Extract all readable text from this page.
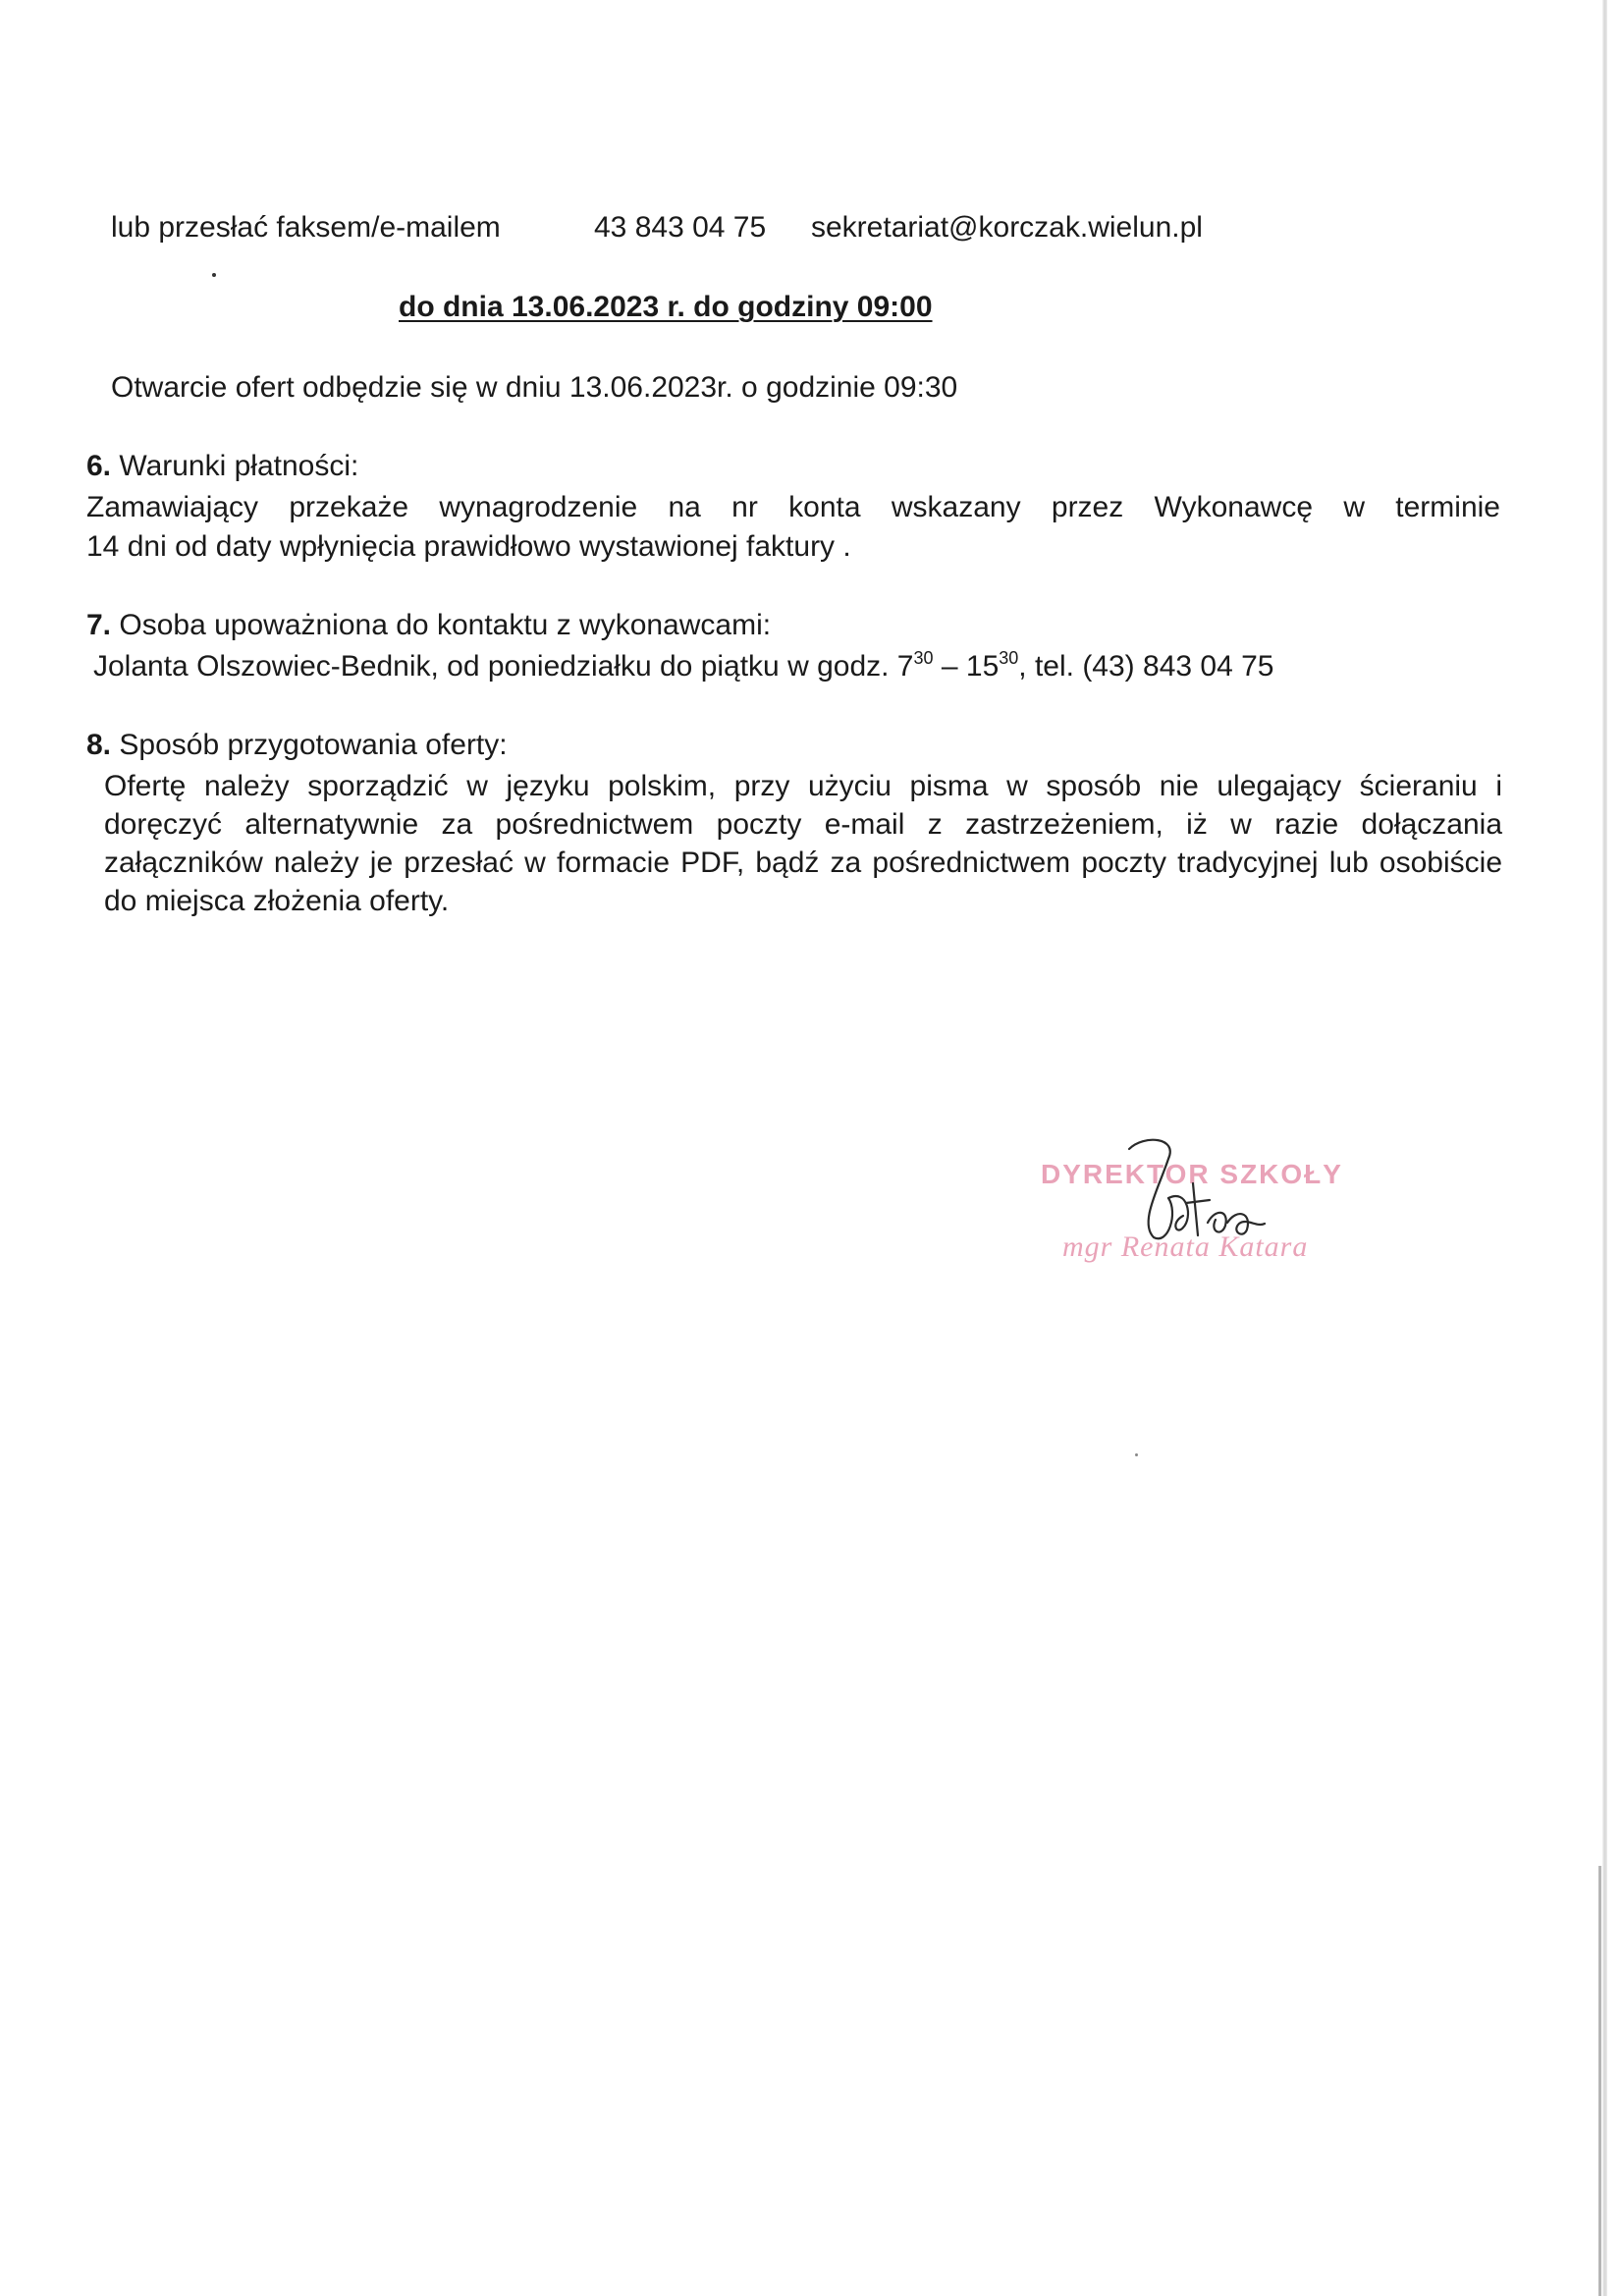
lub przesłać faksem/e-mailem	43 843 04 75 sekretariat@korczak.wielun.pl
do dnia 13.06.2023 r. do godziny 09:00
Otwarcie ofert odbędzie się w dniu 13.06.2023r. o godzinie 09:30
6. Warunki płatności:
Zamawiający przekaże wynagrodzenie na nr konta wskazany przez Wykonawcę w terminie
14 dni od daty wpłynięcia prawidłowo wystawionej faktury .
7. Osoba upoważniona do kontaktu z wykonawcami:
Jolanta Olszowiec-Bednik, od poniedziałku do piątku w godz. $7^{30} - 15^{30}$, tel. (43) 843 04 75
8. Sposób przygotowania oferty:
Ofertę należy sporządzić w języku polskim, przy użyciu pisma w sposób nie ulegający ścieraniu i
doręczyć alternatywnie za pośrednictwem poczty e-mail z zastrzeżeniem, iż w razie dołączania
załączników należy je przesłać w formacie PDF, bądź za pośrednictwem poczty tradycyjnej lub osobiście
do miejsca złożenia oferty.
DYREKTOR SZKOŁY
mgr Renata Katara
